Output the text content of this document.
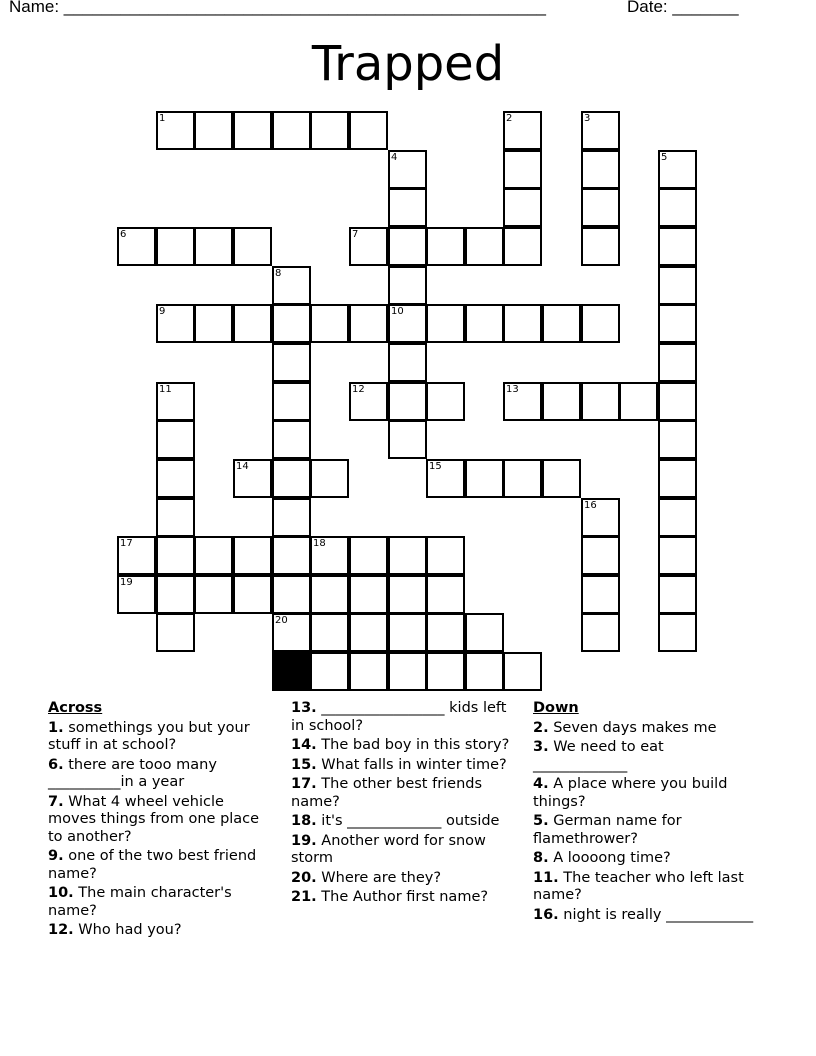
Name: ___________________________________________________	Date: _______
Trapped
1	2	3
4	5
6	7
8
9	10
11	12	13
14	15
16
17	18
19
20
21
Across
1. somethings you but your stuff in at school?
6. there are tooo many __________in a year
7. What 4 wheel vehicle moves things from one place to another?
9. one of the two best friend name?
10. The main character's name?
12. Who had you?
13. _________________ kids left in school?
14. The bad boy in this story?
15. What falls in winter time?
17. The other best friends name?
18. it's _____________ outside
19. Another word for snow storm
20. Where are they?
21. The Author first name?
Down
2. Seven days makes me
3. We need to eat _____________
4. A place where you build things?
5. German name for flamethrower?
8. A loooong time?
11. The teacher who left last name?
16. night is really ____________
